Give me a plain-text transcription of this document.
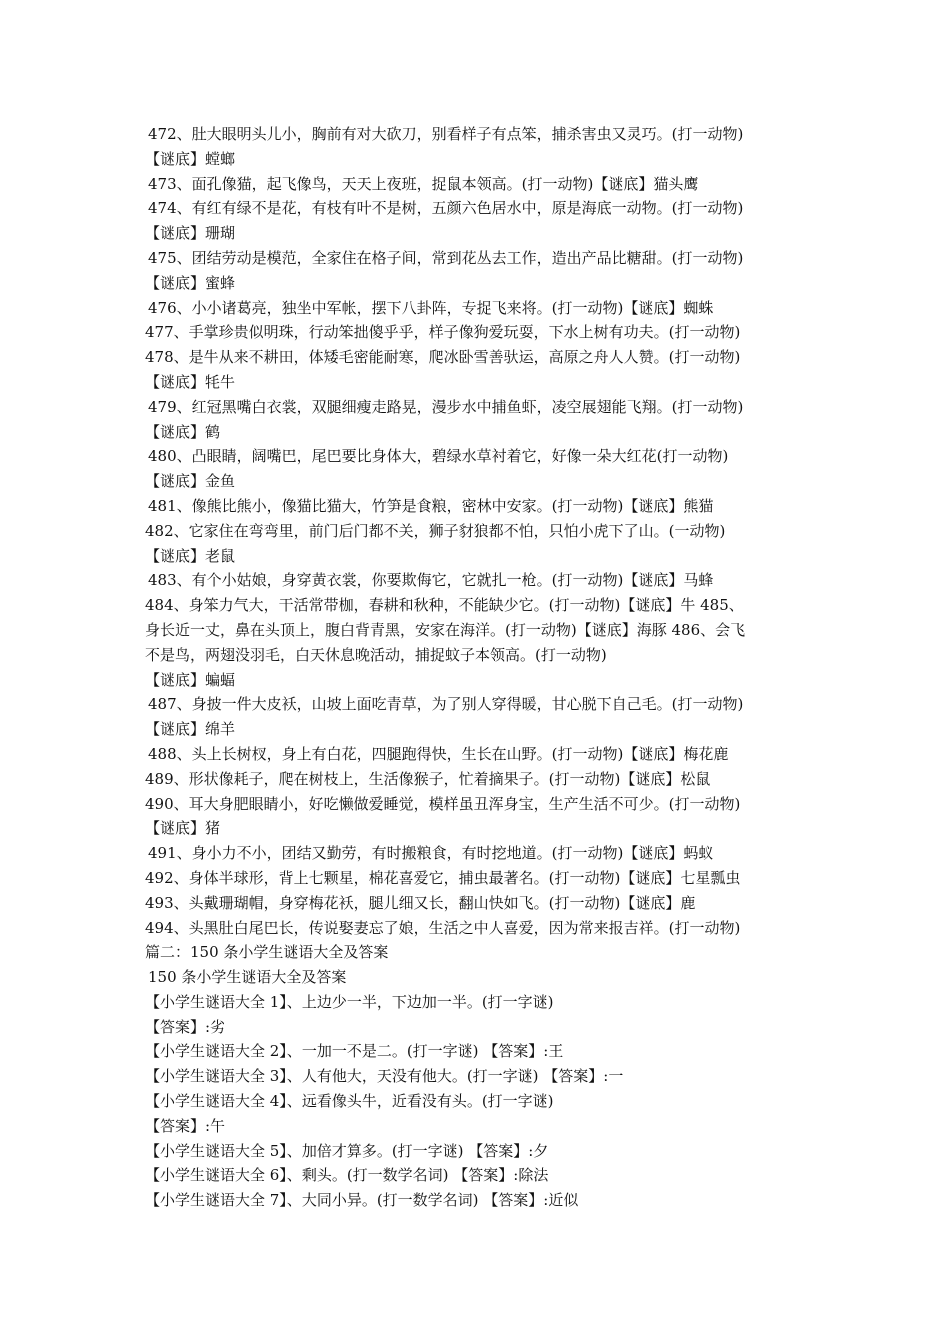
472、肚大眼明头儿小，胸前有对大砍刀，别看样子有点笨，捕杀害虫又灵巧。(打一动物)
【谜底】螳螂
473、面孔像猫，起飞像鸟，天天上夜班，捉鼠本领高。(打一动物)【谜底】猫头鹰
474、有红有绿不是花，有枝有叶不是树，五颜六色居水中，原是海底一动物。(打一动物)
【谜底】珊瑚
475、团结劳动是模范，全家住在格子间，常到花丛去工作，造出产品比糖甜。(打一动物)
【谜底】蜜蜂
476、小小诸葛亮，独坐中军帐，摆下八卦阵，专捉飞来将。(打一动物)【谜底】蜘蛛
477、手掌珍贵似明珠，行动笨拙傻乎乎，样子像狗爱玩耍，下水上树有功夫。(打一动物)
478、是牛从来不耕田，体矮毛密能耐寒，爬冰卧雪善驮运，高原之舟人人赞。(打一动物)
【谜底】牦牛
479、红冠黑嘴白衣裳，双腿细瘦走路晃，漫步水中捕鱼虾，凌空展翅能飞翔。(打一动物)
【谜底】鹤
480、凸眼睛，阔嘴巴，尾巴要比身体大，碧绿水草衬着它，好像一朵大红花(打一动物)
【谜底】金鱼
481、像熊比熊小，像猫比猫大，竹笋是食粮，密林中安家。(打一动物)【谜底】熊猫
482、它家住在弯弯里，前门后门都不关，狮子豺狼都不怕，只怕小虎下了山。(一动物)
【谜底】老鼠
483、有个小姑娘，身穿黄衣裳，你要欺侮它，它就扎一枪。(打一动物)【谜底】马蜂
484、身笨力气大，干活常带枷，春耕和秋种，不能缺少它。(打一动物)【谜底】牛 485、
身长近一丈，鼻在头顶上，腹白背青黑，安家在海洋。(打一动物)【谜底】海豚 486、会飞
不是鸟，两翅没羽毛，白天休息晚活动，捕捉蚊子本领高。(打一动物)
【谜底】蝙蝠
487、身披一件大皮袄，山坡上面吃青草，为了别人穿得暖，甘心脱下自己毛。(打一动物)
【谜底】绵羊
488、头上长树杈，身上有白花，四腿跑得快，生长在山野。(打一动物)【谜底】梅花鹿
489、形状像耗子，爬在树枝上，生活像猴子，忙着摘果子。(打一动物)【谜底】松鼠
490、耳大身肥眼睛小，好吃懒做爱睡觉，模样虽丑浑身宝，生产生活不可少。(打一动物)
【谜底】猪
491、身小力不小，团结又勤劳，有时搬粮食，有时挖地道。(打一动物)【谜底】蚂蚁
492、身体半球形，背上七颗星，棉花喜爱它，捕虫最著名。(打一动物)【谜底】七星瓢虫
493、头戴珊瑚帽，身穿梅花袄，腿儿细又长，翻山快如飞。(打一动物)【谜底】鹿
494、头黑肚白尾巴长，传说娶妻忘了娘，生活之中人喜爱，因为常来报吉祥。(打一动物)
篇二：150 条小学生谜语大全及答案
150 条小学生谜语大全及答案
【小学生谜语大全 1】、上边少一半，下边加一半。(打一字谜)
【答案】:劣
【小学生谜语大全 2】、一加一不是二。(打一字谜) 【答案】:王
【小学生谜语大全 3】、人有他大，天没有他大。(打一字谜) 【答案】:一
【小学生谜语大全 4】、远看像头牛，近看没有头。(打一字谜)
【答案】:午
【小学生谜语大全 5】、加倍才算多。(打一字谜) 【答案】:夕
【小学生谜语大全 6】、剩头。(打一数学名词) 【答案】:除法
【小学生谜语大全 7】、大同小异。(打一数学名词) 【答案】:近似
